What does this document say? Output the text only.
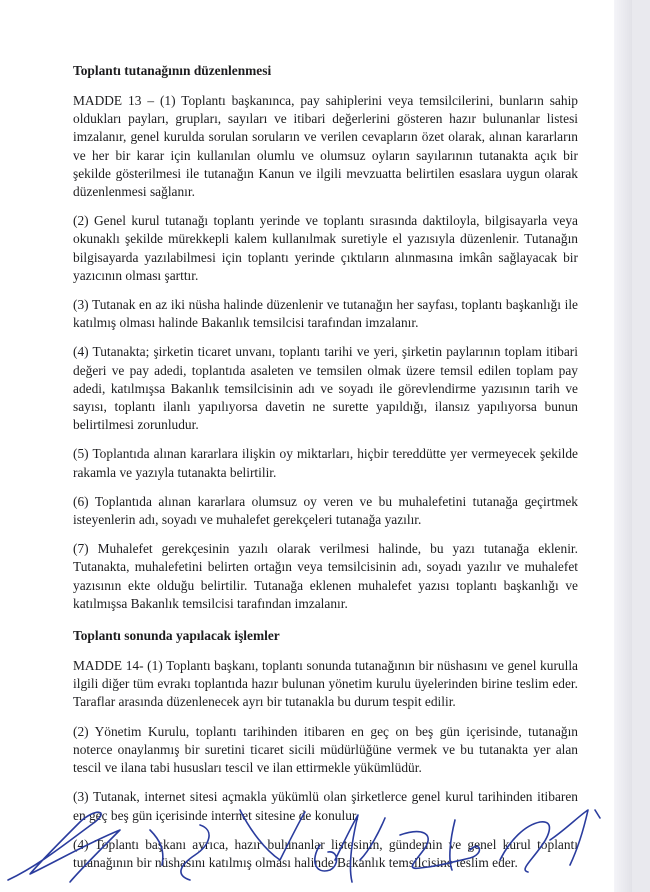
Toplantı tutanağının düzenlenmesi

MADDE 13 – (1) Toplantı başkanınca, pay sahiplerini veya temsilcilerini, bunların sahip oldukları payları, grupları, sayıları ve itibari değerlerini gösteren hazır bulunanlar listesi imzalanır, genel kurulda sorulan soruların ve verilen cevapların özet olarak, alınan kararların ve her bir karar için kullanılan olumlu ve olumsuz oyların sayılarının tutanakta açık bir şekilde gösterilmesi ile tutanağın Kanun ve ilgili mevzuatta belirtilen esaslara uygun olarak düzenlenmesi sağlanır.

(2) Genel kurul tutanağı toplantı yerinde ve toplantı sırasında daktiloyla, bilgisayarla veya okunaklı şekilde mürekkepli kalem kullanılmak suretiyle el yazısıyla düzenlenir. Tutanağın bilgisayarda yazılabilmesi için toplantı yerinde çıktıların alınmasına imkân sağlayacak bir yazıcının olması şarttır.

(3) Tutanak en az iki nüsha halinde düzenlenir ve tutanağın her sayfası, toplantı başkanlığı ile katılmış olması halinde Bakanlık temsilcisi tarafından imzalanır.

(4) Tutanakta; şirketin ticaret unvanı, toplantı tarihi ve yeri, şirketin paylarının toplam itibari değeri ve pay adedi, toplantıda asaleten ve temsilen olmak üzere temsil edilen toplam pay adedi, katılmışsa Bakanlık temsilcisinin adı ve soyadı ile görevlendirme yazısının tarih ve sayısı, toplantı ilanlı yapılıyorsa davetin ne surette yapıldığı, ilansız yapılıyorsa bunun belirtilmesi zorunludur.

(5) Toplantıda alınan kararlara ilişkin oy miktarları, hiçbir tereddütte yer vermeyecek şekilde rakamla ve yazıyla tutanakta belirtilir.

(6) Toplantıda alınan kararlara olumsuz oy veren ve bu muhalefetini tutanağa geçirtmek isteyenlerin adı, soyadı ve muhalefet gerekçeleri tutanağa yazılır.

(7) Muhalefet gerekçesinin yazılı olarak verilmesi halinde, bu yazı tutanağa eklenir. Tutanakta, muhalefetini belirten ortağın veya temsilcisinin adı, soyadı yazılır ve muhalefet yazısının ekte olduğu belirtilir. Tutanağa eklenen muhalefet yazısı toplantı başkanlığı ve katılmışsa Bakanlık temsilcisi tarafından imzalanır.

Toplantı sonunda yapılacak işlemler

MADDE 14- (1) Toplantı başkanı, toplantı sonunda tutanağının bir nüshasını ve genel kurulla ilgili diğer tüm evrakı toplantıda hazır bulunan yönetim kurulu üyelerinden birine teslim eder. Taraflar arasında düzenlenecek ayrı bir tutanakla bu durum tespit edilir.

(2) Yönetim Kurulu, toplantı tarihinden itibaren en geç on beş gün içerisinde, tutanağın noterce onaylanmış bir suretini ticaret sicili müdürlüğüne vermek ve bu tutanakta yer alan tescil ve ilana tabi hususları tescil ve ilan ettirmekle yükümlüdür.

(3) Tutanak, internet sitesi açmakla yükümlü olan şirketlerce genel kurul tarihinden itibaren en geç beş gün içerisinde internet sitesine de konulur.

(4) Toplantı başkanı ayrıca, hazır bulunanlar listesinin, gündemin ve genel kurul toplantı tutanağının bir nüshasını katılmış olması halinde Bakanlık temsilcisine teslim eder.
